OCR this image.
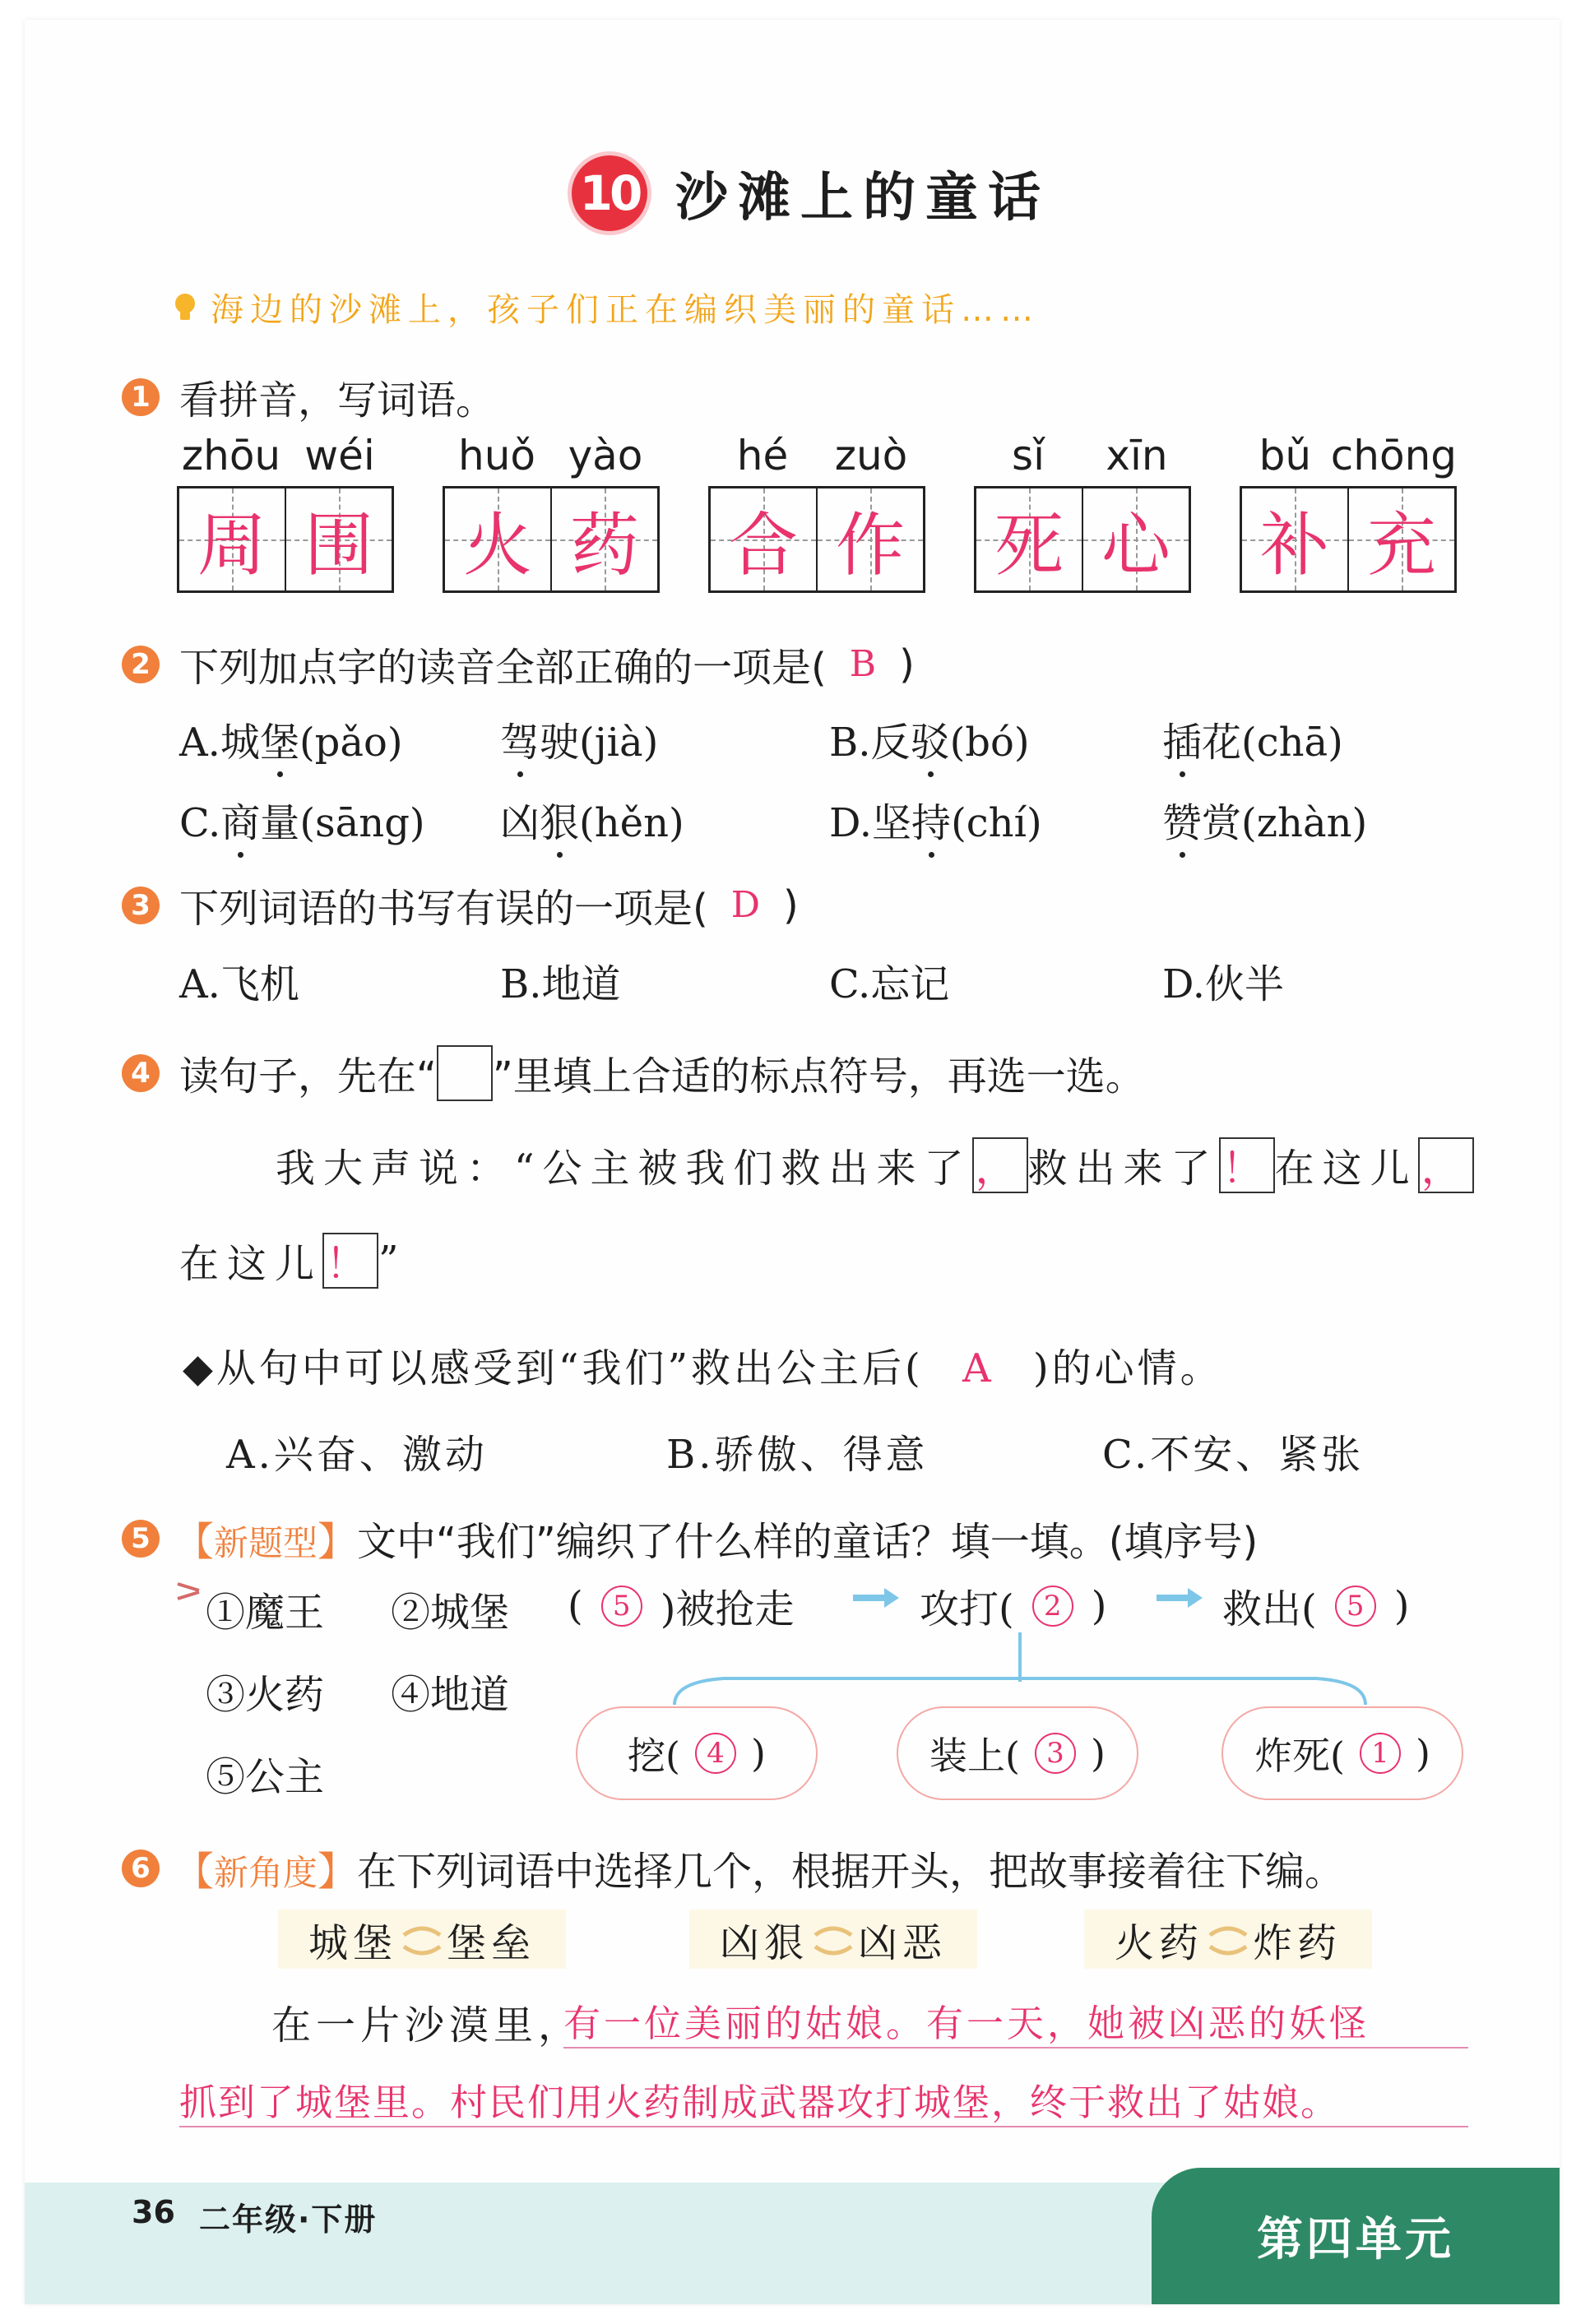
10 沙滩上的童话
海边的沙滩上，孩子们正在编织美丽的童话……
1 看拼音，写词语。
zhōu wéi
周 围
huǒ yào
火 药
hé	zuò
合 作
sǐ	xīn
死 心
bǔ chōng
补 充
2 下列加点字的读音全部正确的一项是( B )
A.城堡(pǎo) 驾驶(jià)	B.反驳(bó)	插花(chā)
C.商量(sāng) 凶狠(hěn)	D.坚持(chí)	赞赏(zhàn)
3 下列词语的书写有误的一项是( D )
A.飞机	B.地道	C.忘记	D.伙半
4 读句子，先在“ ”里填上合适的标点符号，再选一选。
我大声说：“公主被我们救出来了 ， 救出来了 ！ 在这儿 ，
在这儿 ！ ”
◆从句中可以感受到“我们”救出公主后( A )的心情。
A.兴奋、激动	B.骄傲、得意	C.不安、紧张
5 【新题型】 文中“我们”编织了什么样的童话？填一填。(填序号)
①魔王 ②城堡
③火药 ④地道
⑤公主
(	5 )被抢走	攻打(	2 )	救出(	5 )
挖( 4 )	装上( 3 )	炸死( 1 )
6 【新角度】 在下列词语中选择几个，根据开头，把故事接着往下编。
城堡 堡垒	凶狠 凶恶	火药 炸药
在一片沙漠里，
有一位美丽的姑娘。有一天，她被凶恶的妖怪
抓到了城堡里。村民们用火药制成武器攻打城堡，终于救出了姑娘。
36 二年级·下册	第四单元
